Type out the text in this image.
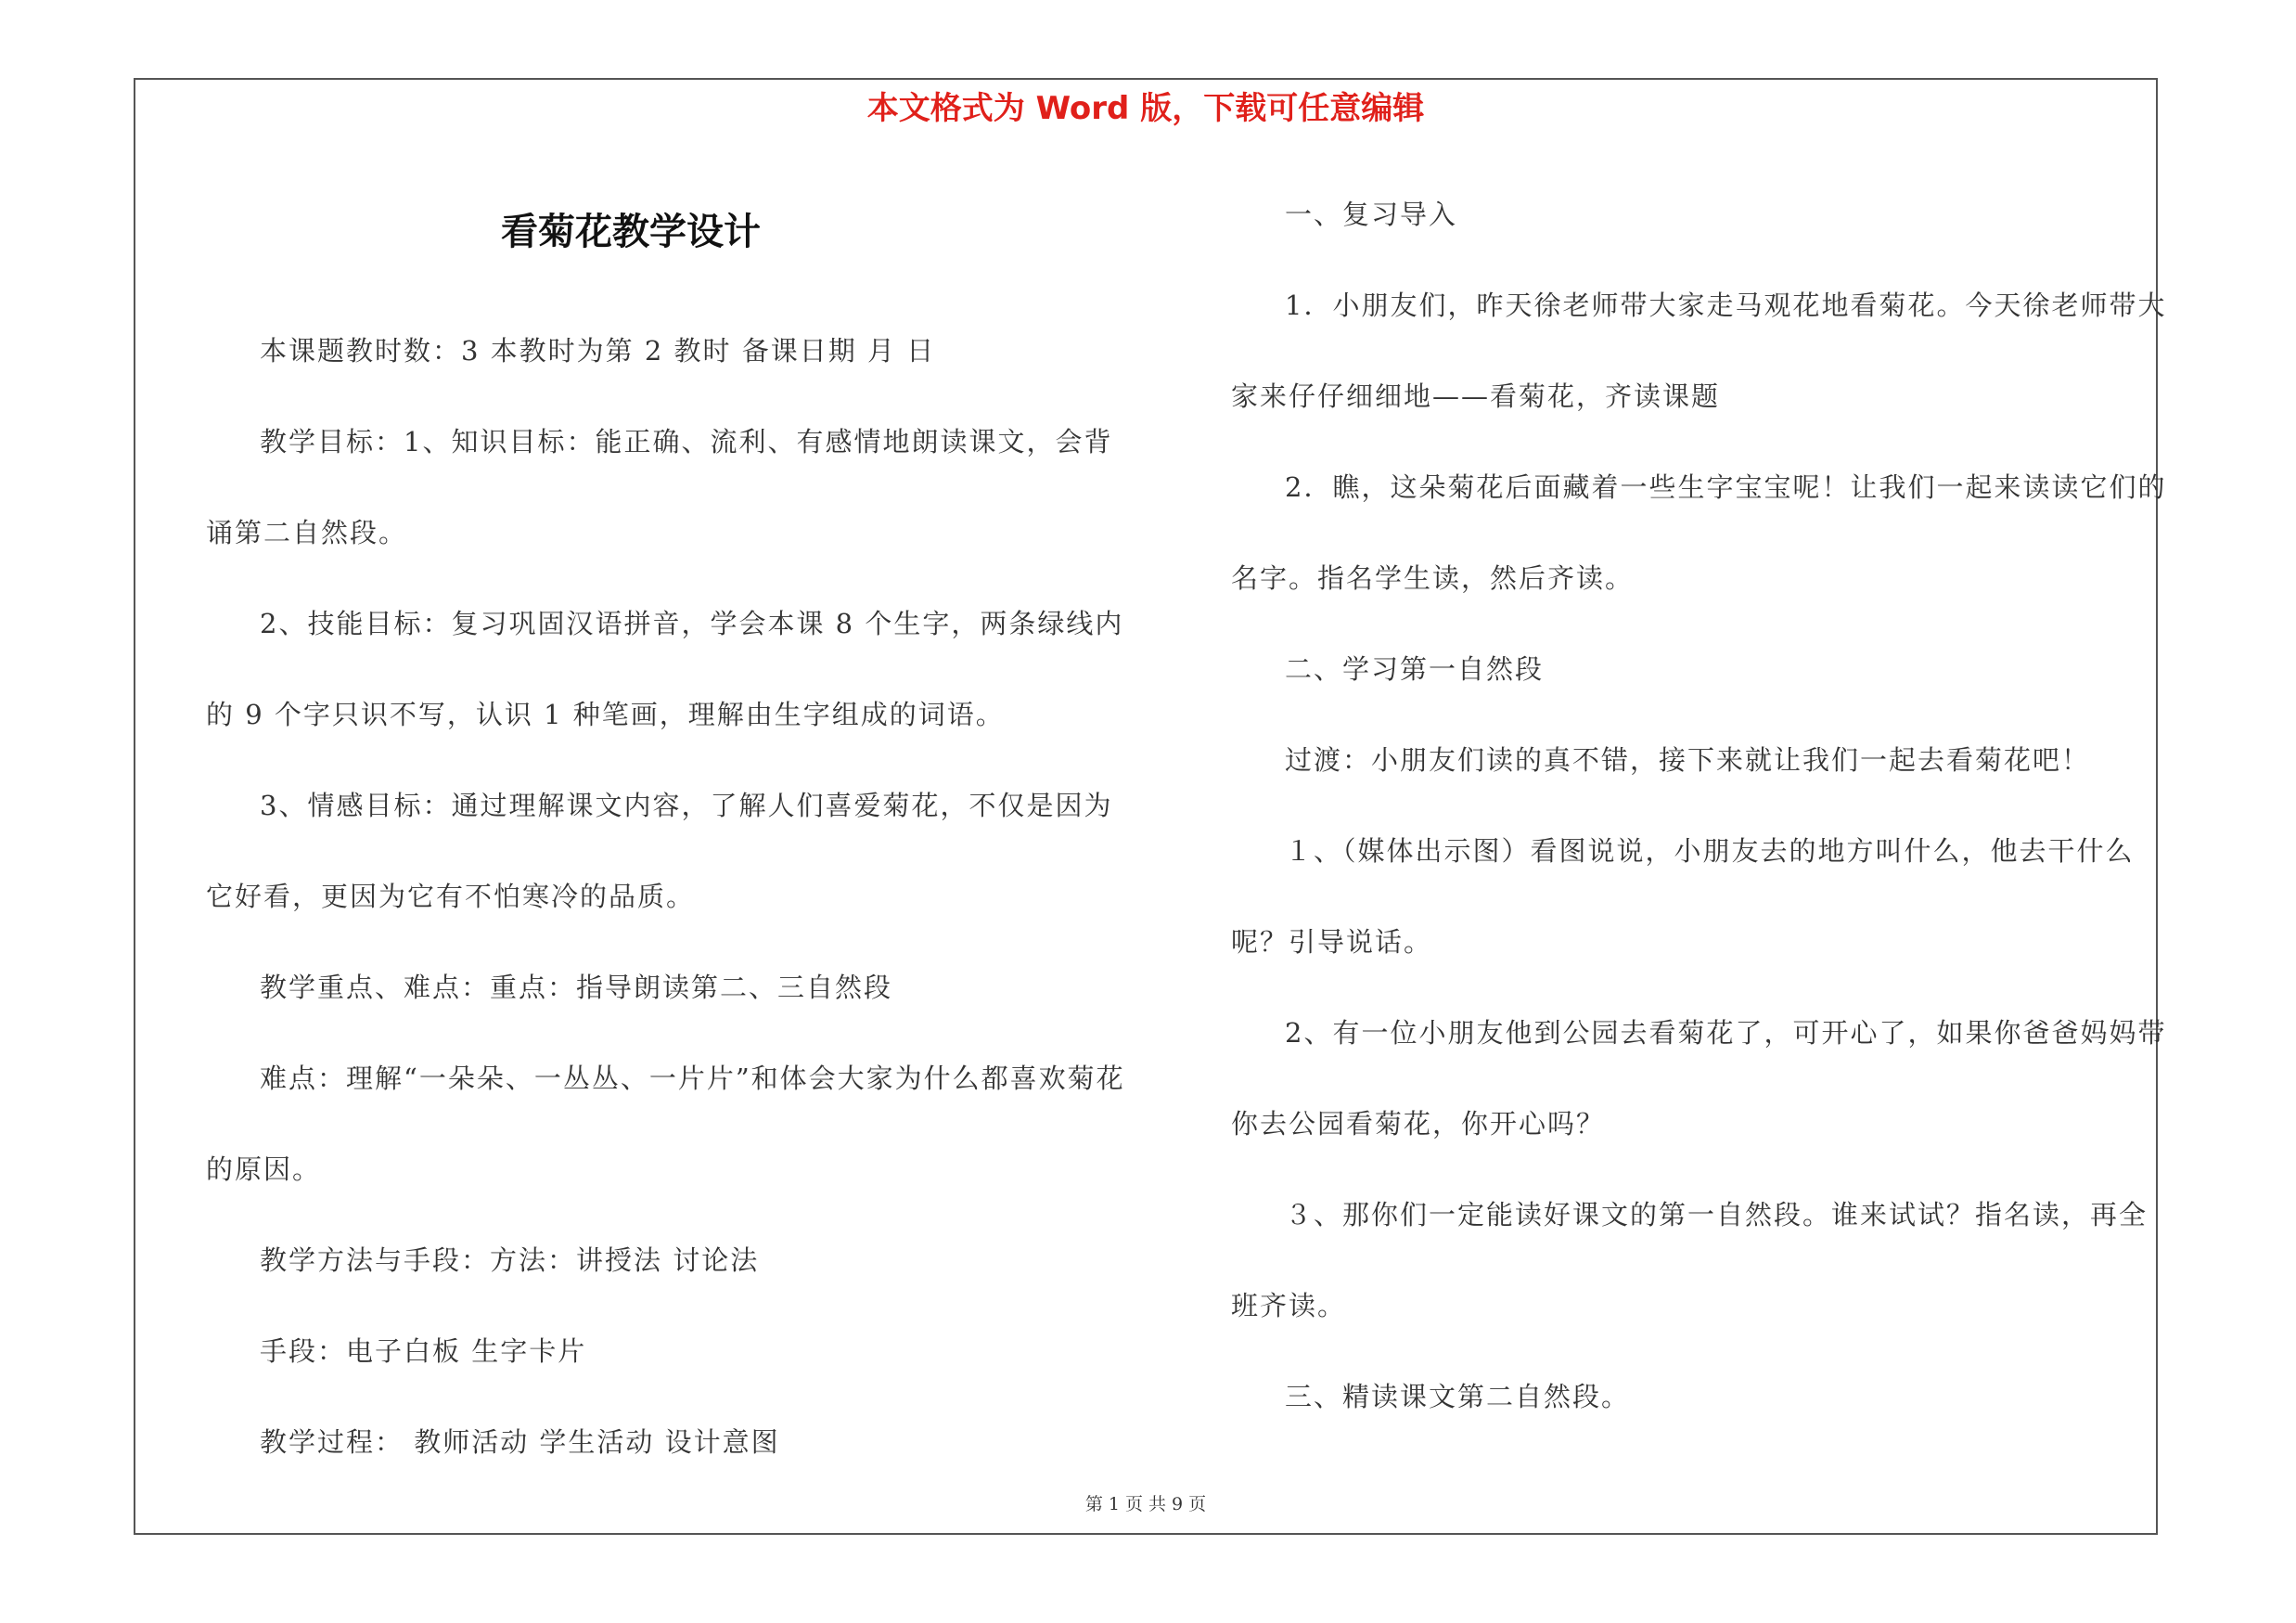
本文格式为 Word 版，下载可任意编辑
看菊花教学设计

本课题教时数：3 本教时为第 2 教时 备课日期 月 日

教学目标：1、知识目标：能正确、流利、有感情地朗读课文，会背诵第二自然段。

2、技能目标：复习巩固汉语拼音，学会本课 8 个生字，两条绿线内的 9 个字只识不写，认识 1 种笔画，理解由生字组成的词语。

3、情感目标：通过理解课文内容，了解人们喜爱菊花，不仅是因为它好看，更因为它有不怕寒冷的品质。

教学重点、难点：重点：指导朗读第二、三自然段

难点：理解“一朵朵、一丛丛、一片片”和体会大家为什么都喜欢菊花的原因。

教学方法与手段：方法：讲授法 讨论法

手段：电子白板 生字卡片

教学过程： 教师活动 学生活动 设计意图

一、复习导入

1．小朋友们，昨天徐老师带大家走马观花地看菊花。今天徐老师带大家来仔仔细细地——看菊花，齐读课题

2．瞧，这朵菊花后面藏着一些生字宝宝呢！让我们一起来读读它们的名字。指名学生读，然后齐读。

二、学习第一自然段

过渡：小朋友们读的真不错，接下来就让我们一起去看菊花吧！

１、（媒体出示图）看图说说，小朋友去的地方叫什么，他去干什么呢？引导说话。

2、有一位小朋友他到公园去看菊花了，可开心了，如果你爸爸妈妈带你去公园看菊花，你开心吗？

３、那你们一定能读好课文的第一自然段。谁来试试？指名读，再全班齐读。

三、精读课文第二自然段。

第 1 页 共 9 页
